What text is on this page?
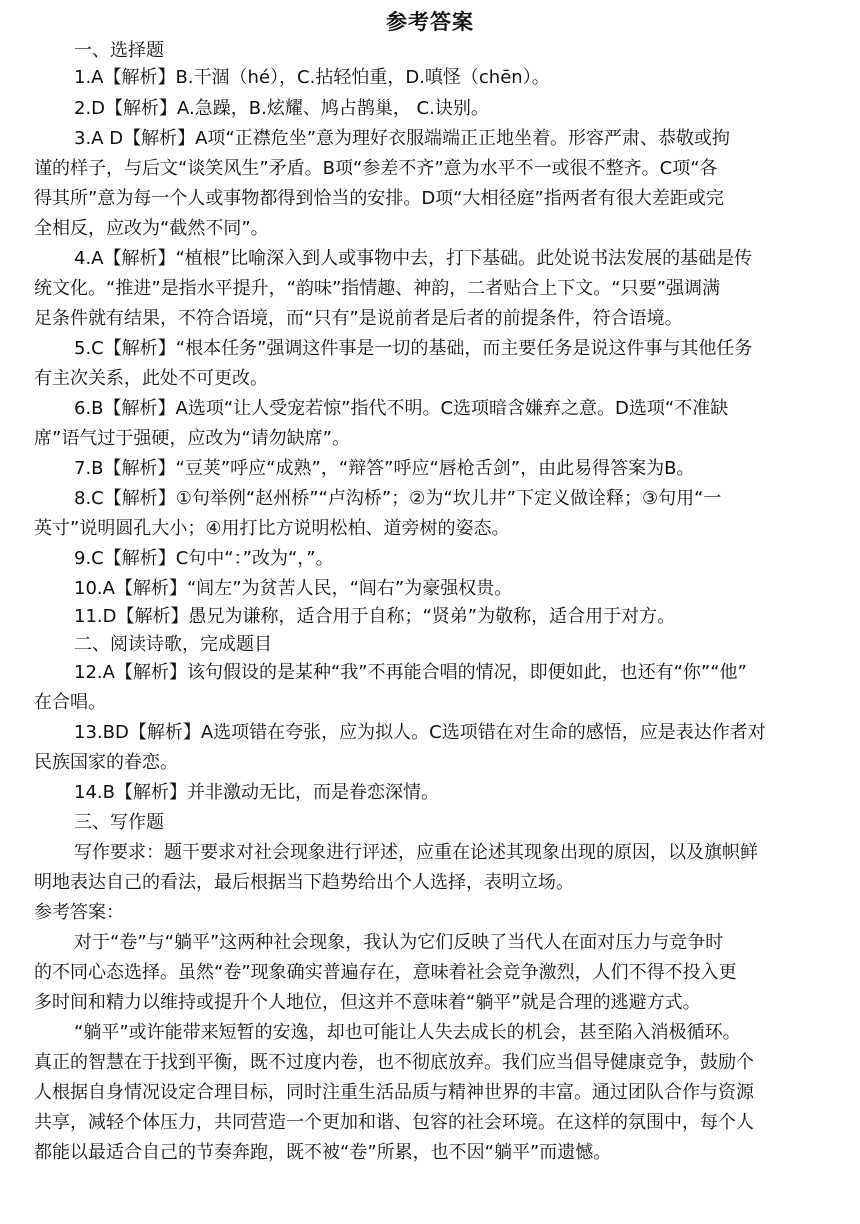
参考答案
一、选择题
1.A【解析】B.干涸（hé），C.拈轻怕重，D.嗔怪（chēn）。
2.D【解析】A.急躁，B.炫耀、鸠占鹊巢， C.诀别。
3.A D【解析】A项“正襟危坐”意为理好衣服端端正正地坐着。形容严肃、恭敬或拘
谨的样子，与后文“谈笑风生”矛盾。B项“参差不齐”意为水平不一或很不整齐。C项“各
得其所”意为每一个人或事物都得到恰当的安排。D项“大相径庭”指两者有很大差距或完
全相反，应改为“截然不同”。
4.A【解析】“植根”比喻深入到人或事物中去，打下基础。此处说书法发展的基础是传
统文化。“推进”是指水平提升，“韵味”指情趣、神韵，二者贴合上下文。“只要”强调满
足条件就有结果，不符合语境，而“只有”是说前者是后者的前提条件，符合语境。
5.C【解析】“根本任务”强调这件事是一切的基础，而主要任务是说这件事与其他任务
有主次关系，此处不可更改。
6.B【解析】A选项“让人受宠若惊”指代不明。C选项暗含嫌弃之意。D选项“不准缺
席”语气过于强硬，应改为“请勿缺席”。
7.B【解析】“豆荚”呼应“成熟”，“辩答”呼应“唇枪舌剑”，由此易得答案为B。
8.C【解析】①句举例“赵州桥”“卢沟桥”；②为“坎儿井”下定义做诠释；③句用“一
英寸”说明圆孔大小；④用打比方说明松柏、道旁树的姿态。
9.C【解析】C句中“：”改为“，”。
10.A【解析】“闾左”为贫苦人民，“闾右”为豪强权贵。
11.D【解析】愚兄为谦称，适合用于自称；“贤弟”为敬称，适合用于对方。
二、阅读诗歌，完成题目
12.A【解析】该句假设的是某种“我”不再能合唱的情况，即便如此，也还有“你”“他”
在合唱。
13.BD【解析】A选项错在夸张，应为拟人。C选项错在对生命的感悟，应是表达作者对
民族国家的眷恋。
14.B【解析】并非激动无比，而是眷恋深情。
三、写作题
写作要求：题干要求对社会现象进行评述，应重在论述其现象出现的原因，以及旗帜鲜
明地表达自己的看法，最后根据当下趋势给出个人选择，表明立场。
参考答案：
对于“卷”与“躺平”这两种社会现象，我认为它们反映了当代人在面对压力与竞争时
的不同心态选择。虽然“卷”现象确实普遍存在，意味着社会竞争激烈，人们不得不投入更
多时间和精力以维持或提升个人地位，但这并不意味着“躺平”就是合理的逃避方式。
“躺平”或许能带来短暂的安逸，却也可能让人失去成长的机会，甚至陷入消极循环。
真正的智慧在于找到平衡，既不过度内卷，也不彻底放弃。我们应当倡导健康竞争，鼓励个
人根据自身情况设定合理目标，同时注重生活品质与精神世界的丰富。通过团队合作与资源
共享，减轻个体压力，共同营造一个更加和谐、包容的社会环境。在这样的氛围中，每个人
都能以最适合自己的节奏奔跑，既不被“卷”所累，也不因“躺平”而遗憾。
